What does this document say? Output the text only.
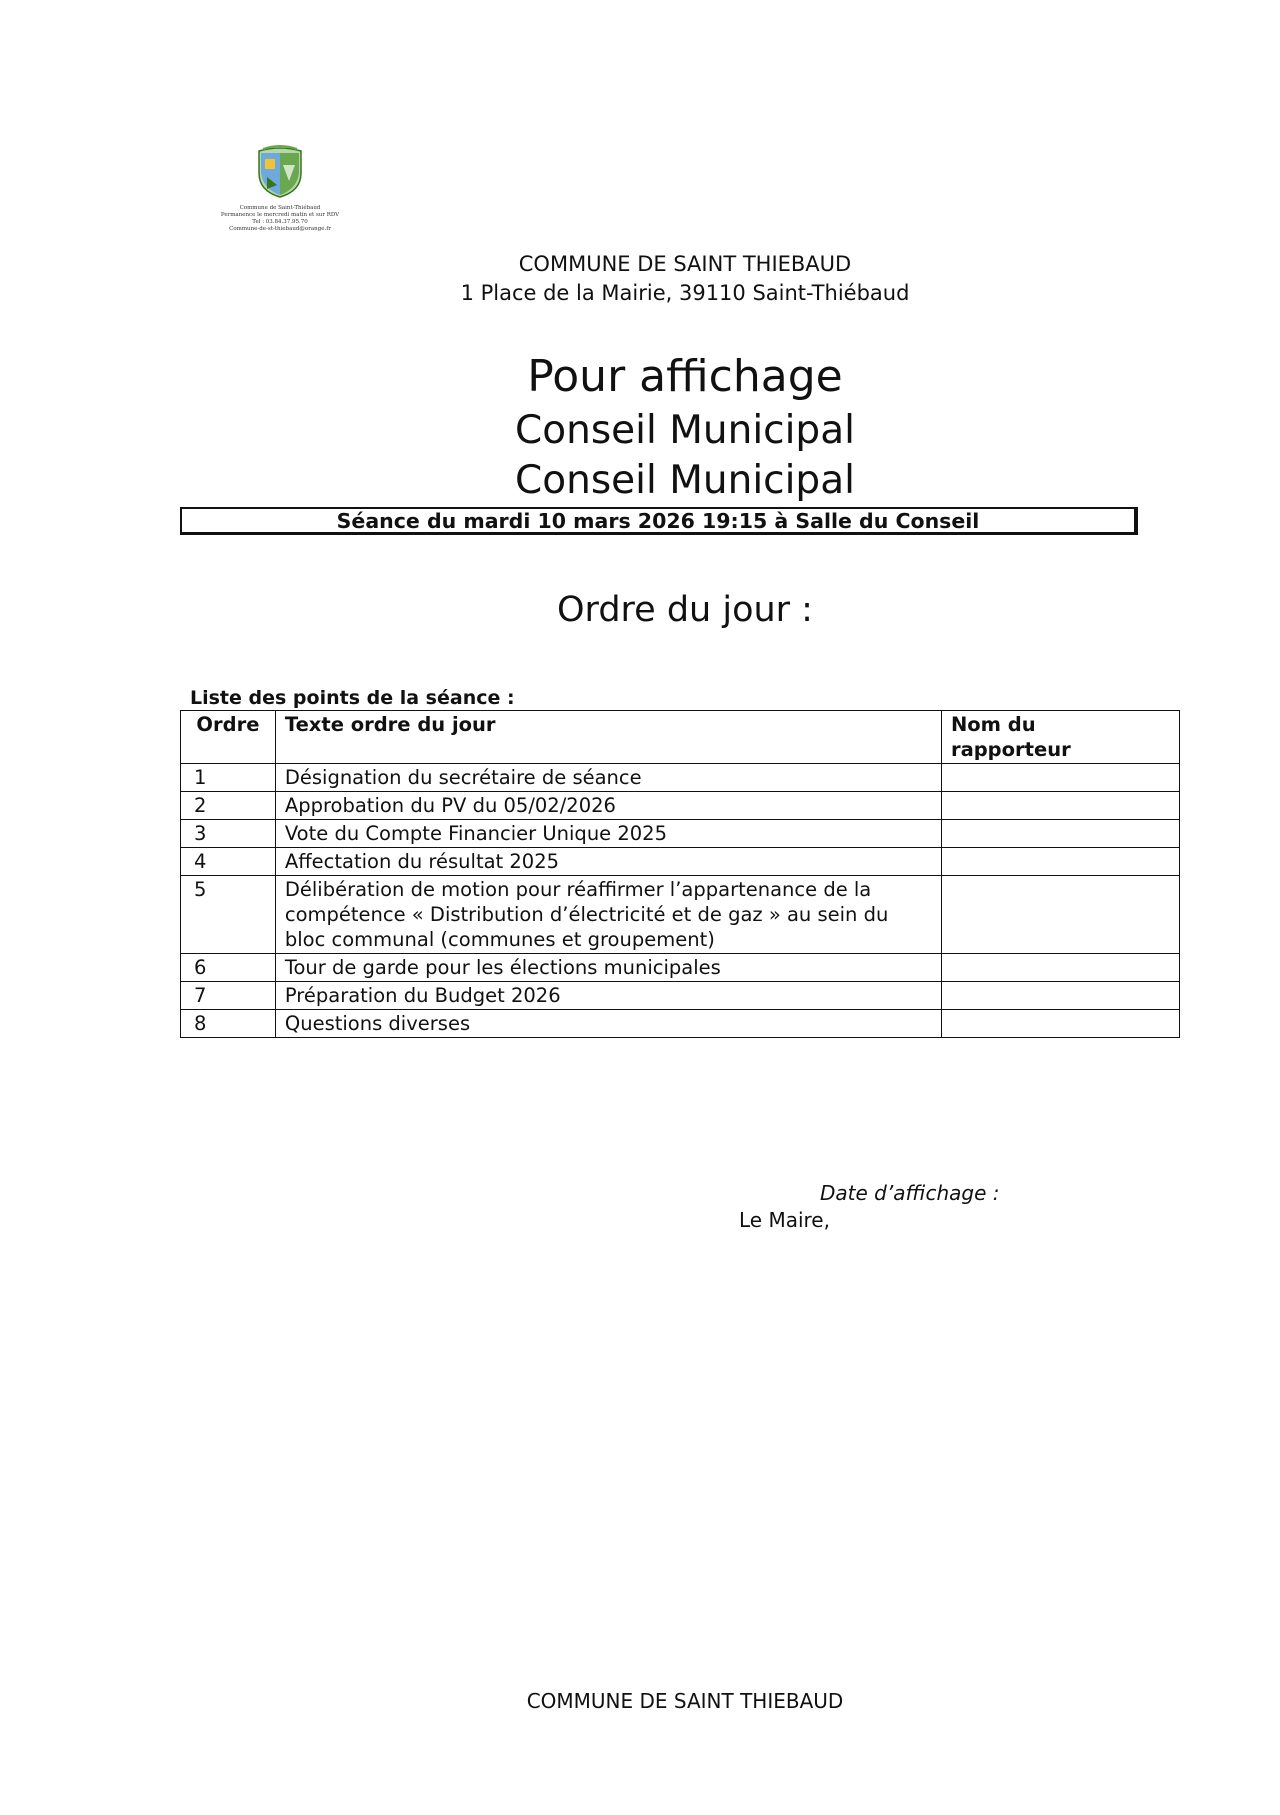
Commune de Saint-Thiébaud
Permanence le mercredi matin et sur RDV
Tel : 03.84.37.95.70
Commune-de-st-thiebaud@orange.fr
COMMUNE DE SAINT THIEBAUD
1 Place de la Mairie, 39110 Saint-Thiébaud
Pour affichage
Conseil Municipal
Conseil Municipal
Séance du mardi 10 mars 2026 19:15 à Salle du Conseil
Ordre du jour :
Liste des points de la séance :
Ordre	Texte ordre du jour	Nom du
rapporteur

1	Désignation du secrétaire de séance	
2	Approbation du PV du 05/02/2026	
3	Vote du Compte Financier Unique 2025	
4	Affectation du résultat 2025	
5	Délibération de motion pour réaffirmer l’appartenance de la compétence « Distribution d’électricité et de gaz » au sein du bloc communal (communes et groupement)	
6	Tour de garde pour les élections municipales	
7	Préparation du Budget 2026	
8	Questions diverses	
Date d’affichage :
Le Maire,
COMMUNE DE SAINT THIEBAUD
